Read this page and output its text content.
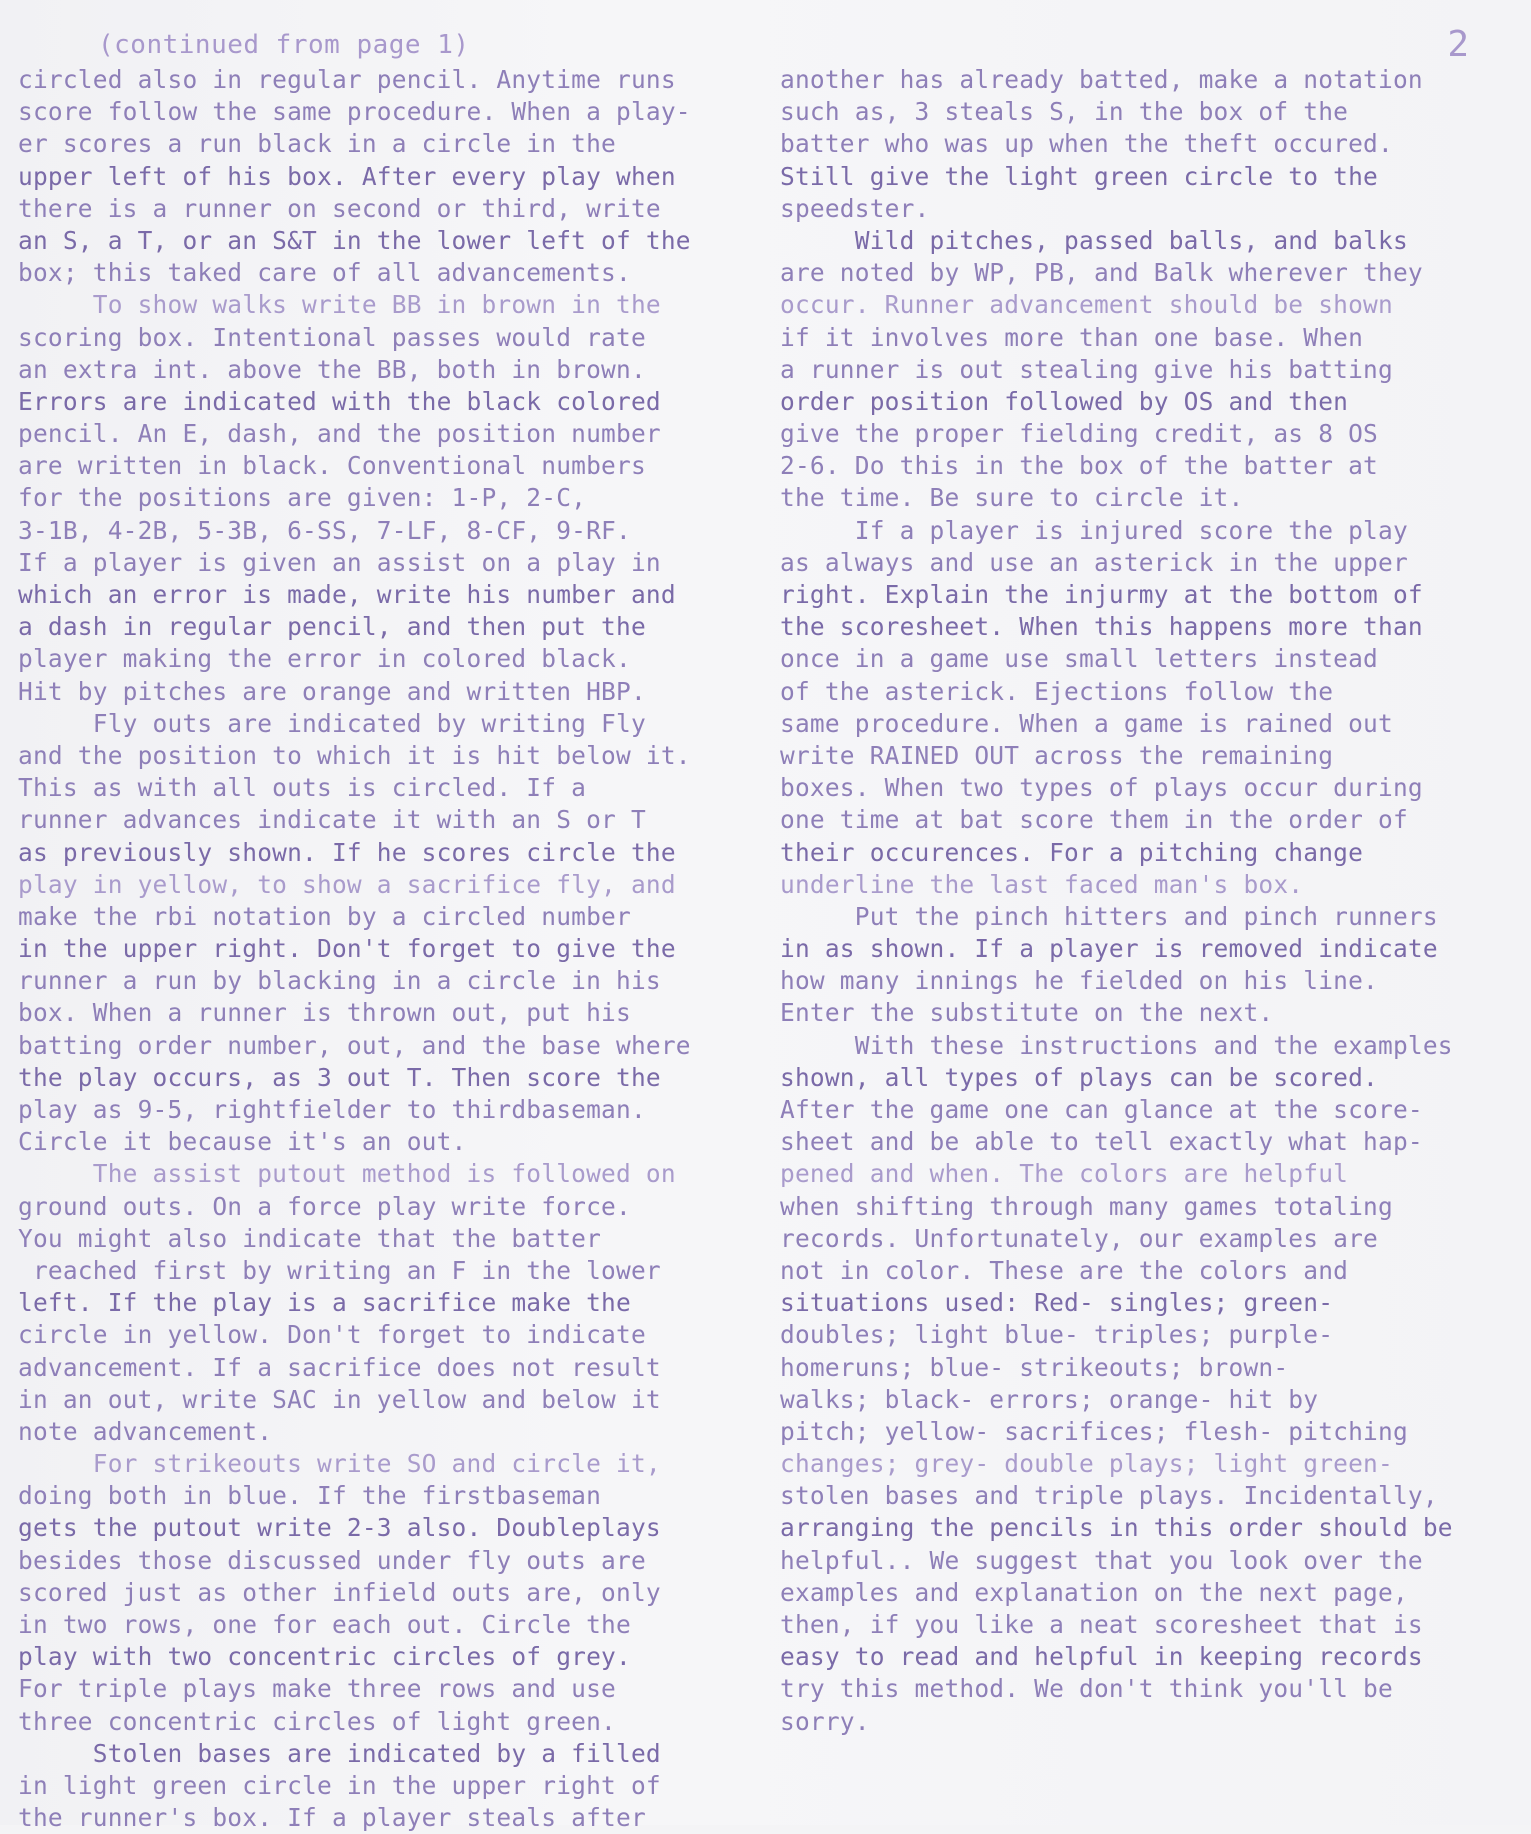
(continued from page 1)	2
circled also in regular pencil. Anytime runs
score follow the same procedure. When a play-
er scores a run black in a circle in the
upper left of his box. After every play when
there is a runner on second or third, write
an S, a T, or an S&T in the lower left of the
box; this taked care of all advancements.
To show walks write BB in brown in the
scoring box. Intentional passes would rate
an extra int. above the BB, both in brown.
Errors are indicated with the black colored
pencil. An E, dash, and the position number
are written in black. Conventional numbers
for the positions are given: 1-P, 2-C,
3-1B, 4-2B, 5-3B, 6-SS, 7-LF, 8-CF, 9-RF.
If a player is given an assist on a play in
which an error is made, write his number and
a dash in regular pencil, and then put the
player making the error in colored black.
Hit by pitches are orange and written HBP.
Fly outs are indicated by writing Fly
and the position to which it is hit below it.
This as with all outs is circled. If a
runner advances indicate it with an S or T
as previously shown. If he scores circle the
play in yellow, to show a sacrifice fly, and
make the rbi notation by a circled number
in the upper right. Don't forget to give the
runner a run by blacking in a circle in his
box. When a runner is thrown out, put his
batting order number, out, and the base where
the play occurs, as 3 out T. Then score the
play as 9-5, rightfielder to thirdbaseman.
Circle it because it's an out.
The assist putout method is followed on
ground outs. On a force play write force.
You might also indicate that the batter
reached first by writing an F in the lower
left. If the play is a sacrifice make the
circle in yellow. Don't forget to indicate
advancement. If a sacrifice does not result
in an out, write SAC in yellow and below it
note advancement.
For strikeouts write SO and circle it,
doing both in blue. If the firstbaseman
gets the putout write 2-3 also. Doubleplays
besides those discussed under fly outs are
scored just as other infield outs are, only
in two rows, one for each out. Circle the
play with two concentric circles of grey.
For triple plays make three rows and use
three concentric circles of light green.
Stolen bases are indicated by a filled
in light green circle in the upper right of
the runner's box. If a player steals after
another has already batted, make a notation
such as, 3 steals S, in the box of the
batter who was up when the theft occured.
Still give the light green circle to the
speedster.
Wild pitches, passed balls, and balks
are noted by WP, PB, and Balk wherever they
occur. Runner advancement should be shown
if it involves more than one base. When
a runner is out stealing give his batting
order position followed by OS and then
give the proper fielding credit, as 8 OS
2-6. Do this in the box of the batter at
the time. Be sure to circle it.
If a player is injured score the play
as always and use an asterick in the upper
right. Explain the injurmy at the bottom of
the scoresheet. When this happens more than
once in a game use small letters instead
of the asterick. Ejections follow the
same procedure. When a game is rained out
write RAINED OUT across the remaining
boxes. When two types of plays occur during
one time at bat score them in the order of
their occurences. For a pitching change
underline the last faced man's box.
Put the pinch hitters and pinch runners
in as shown. If a player is removed indicate
how many innings he fielded on his line.
Enter the substitute on the next.
With these instructions and the examples
shown, all types of plays can be scored.
After the game one can glance at the score-
sheet and be able to tell exactly what hap-
pened and when. The colors are helpful
when shifting through many games totaling
records. Unfortunately, our examples are
not in color. These are the colors and
situations used: Red- singles; green-
doubles; light blue- triples; purple-
homeruns; blue- strikeouts; brown-
walks; black- errors; orange- hit by
pitch; yellow- sacrifices; flesh- pitching
changes; grey- double plays; light green-
stolen bases and triple plays. Incidentally,
arranging the pencils in this order should be
helpful.. We suggest that you look over the
examples and explanation on the next page,
then, if you like a neat scoresheet that is
easy to read and helpful in keeping records
try this method. We don't think you'll be
sorry.
